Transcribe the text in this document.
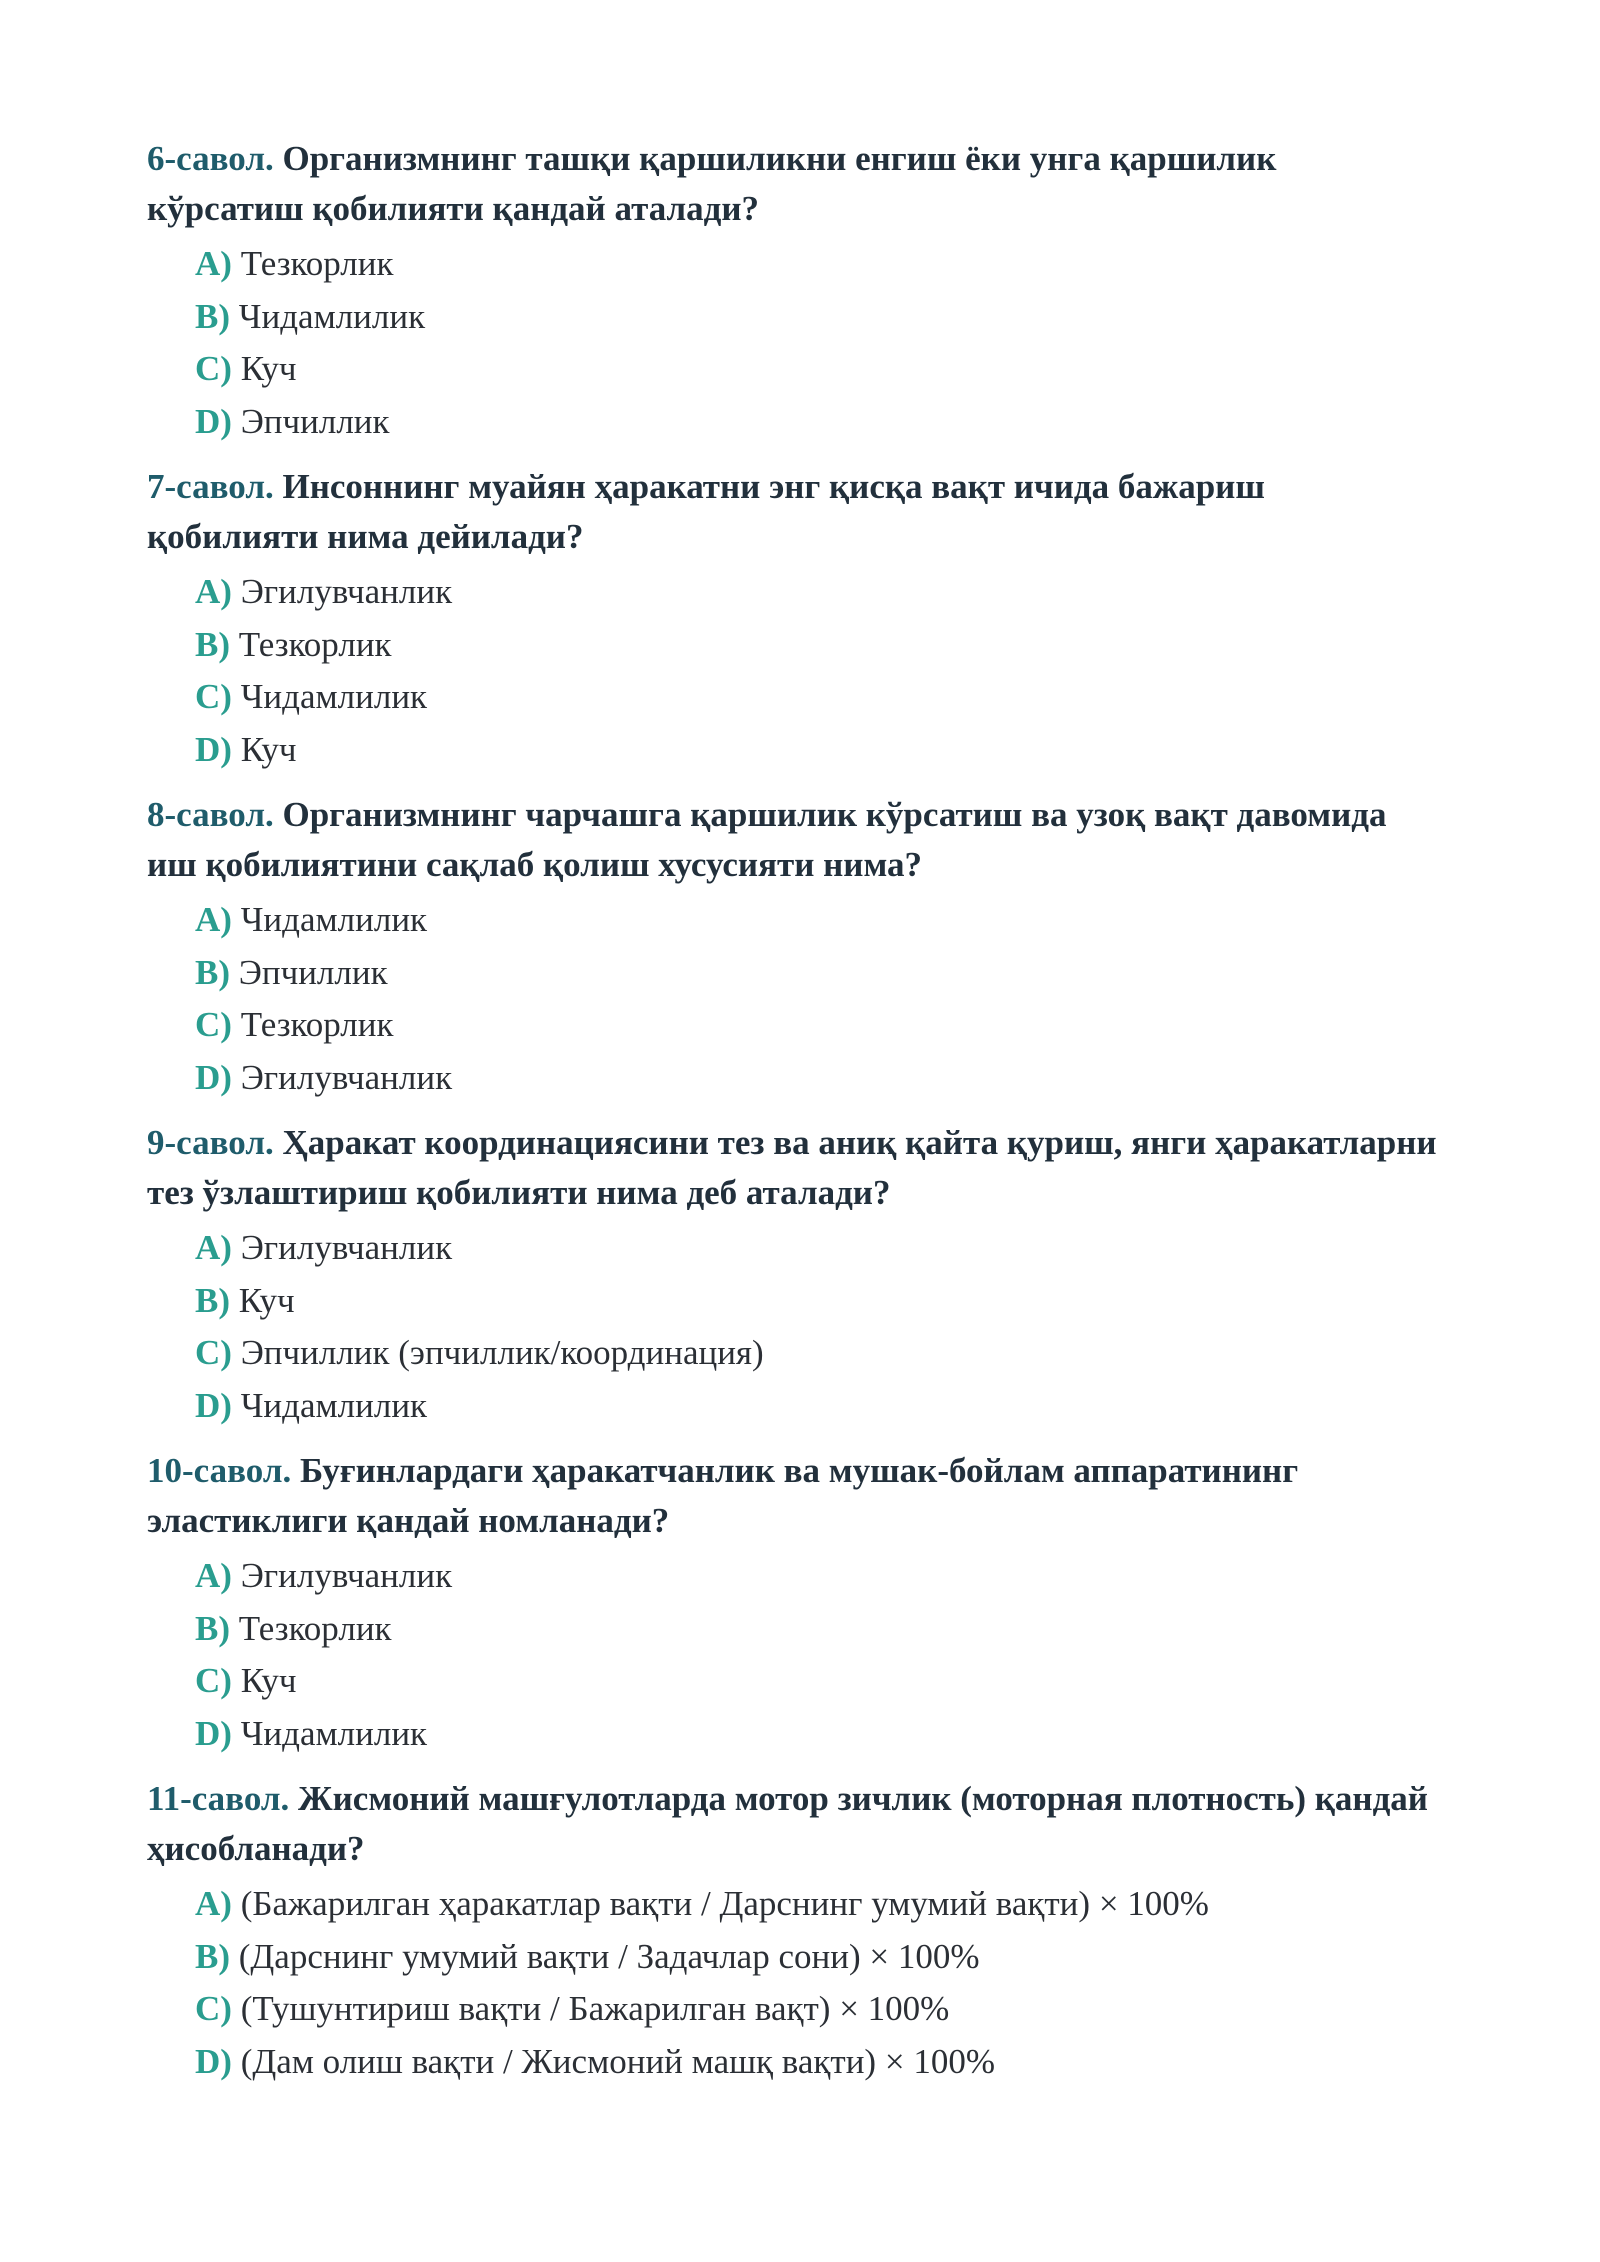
6-савол. Организмнинг ташқи қаршиликни енгиш ёки унга қаршилик кўрсатиш қобилияти қандай аталади?

A) Тезкорлик
B) Чидамлилик
C) Куч
D) Эпчиллик

7-савол. Инсоннинг муайян ҳаракатни энг қисқа вақт ичида бажариш қобилияти нима дейилади?

A) Эгилувчанлик
B) Тезкорлик
C) Чидамлилик
D) Куч

8-савол. Организмнинг чарчашга қаршилик кўрсатиш ва узоқ вақт давомида иш қобилиятини сақлаб қолиш хусусияти нима?

A) Чидамлилик
B) Эпчиллик
C) Тезкорлик
D) Эгилувчанлик

9-савол. Ҳаракат координациясини тез ва аниқ қайта қуриш, янги ҳаракатларни тез ўзлаштириш қобилияти нима деб аталади?

A) Эгилувчанлик
B) Куч
C) Эпчиллик (эпчиллик/координация)
D) Чидамлилик

10-савол. Буғинлардаги ҳаракатчанлик ва мушак-бойлам аппаратининг эластиклиги қандай номланади?

A) Эгилувчанлик
B) Тезкорлик
C) Куч
D) Чидамлилик

11-савол. Жисмоний машғулотларда мотор зичлик (моторная плотность) қандай ҳисобланади?

A) (Бажарилган ҳаракатлар вақти / Дарснинг умумий вақти) × 100%
B) (Дарснинг умумий вақти / Задачлар сони) × 100%
C) (Тушунтириш вақти / Бажарилган вақт) × 100%
D) (Дам олиш вақти / Жисмоний машқ вақти) × 100%
